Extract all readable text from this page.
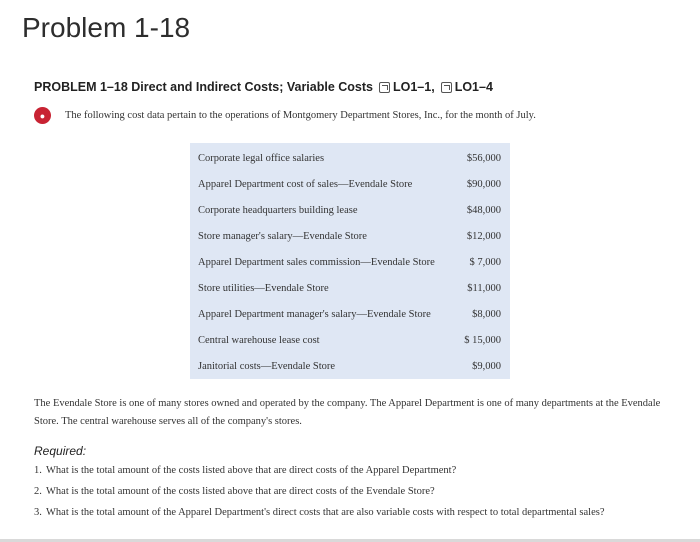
Problem 1-18
PROBLEM 1–18 Direct and Indirect Costs; Variable Costs LO1–1, LO1–4
●	The following cost data pertain to the operations of Montgomery Department Stores, Inc., for the month of July.
Corporate legal office salaries	$56,000
Apparel Department cost of sales—Evendale Store	$90,000
Corporate headquarters building lease	$48,000
Store manager's salary—Evendale Store	$12,000
Apparel Department sales commission—Evendale Store	$ 7,000
Store utilities—Evendale Store	$11,000
Apparel Department manager's salary—Evendale Store	$8,000
Central warehouse lease cost	$ 15,000
Janitorial costs—Evendale Store	$9,000
The Evendale Store is one of many stores owned and operated by the company. The Apparel Department is one of many departments at the Evendale Store. The central warehouse serves all of the company's stores.
Required:
1. What is the total amount of the costs listed above that are direct costs of the Apparel Department?
2. What is the total amount of the costs listed above that are direct costs of the Evendale Store?
3. What is the total amount of the Apparel Department's direct costs that are also variable costs with respect to total departmental sales?
